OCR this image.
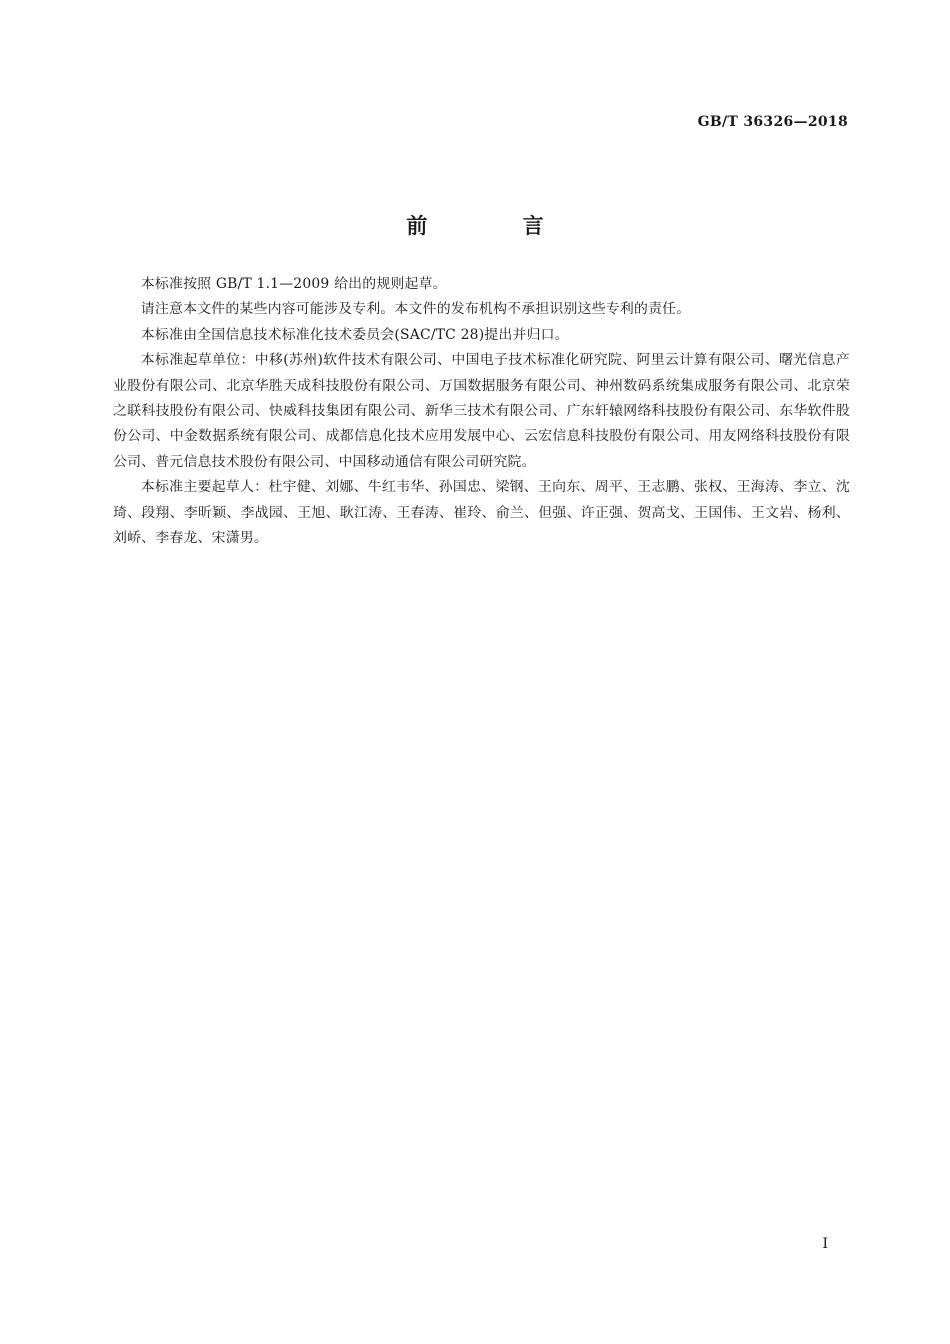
GB/T 36326—2018
前 言

本标准按照 GB/T 1.1—2009 给出的规则起草。

请注意本文件的某些内容可能涉及专利。本文件的发布机构不承担识别这些专利的责任。

本标准由全国信息技术标准化技术委员会(SAC/TC 28)提出并归口。

本标准起草单位：中移(苏州)软件技术有限公司、中国电子技术标准化研究院、阿里云计算有限公司、曙光信息产业股份有限公司、北京华胜天成科技股份有限公司、万国数据服务有限公司、神州数码系统集成服务有限公司、北京荣之联科技股份有限公司、快威科技集团有限公司、新华三技术有限公司、广东轩辕网络科技股份有限公司、东华软件股份公司、中金数据系统有限公司、成都信息化技术应用发展中心、云宏信息科技股份有限公司、用友网络科技股份有限公司、普元信息技术股份有限公司、中国移动通信有限公司研究院。

本标准主要起草人：杜宇健、刘娜、牛红韦华、孙国忠、梁钢、王向东、周平、王志鹏、张权、王海涛、李立、沈琦、段翔、李昕颖、李战园、王旭、耿江涛、王春涛、崔玲、俞兰、但强、许正强、贺高戈、王国伟、王文岩、杨利、刘峤、李春龙、宋潇男。

I
